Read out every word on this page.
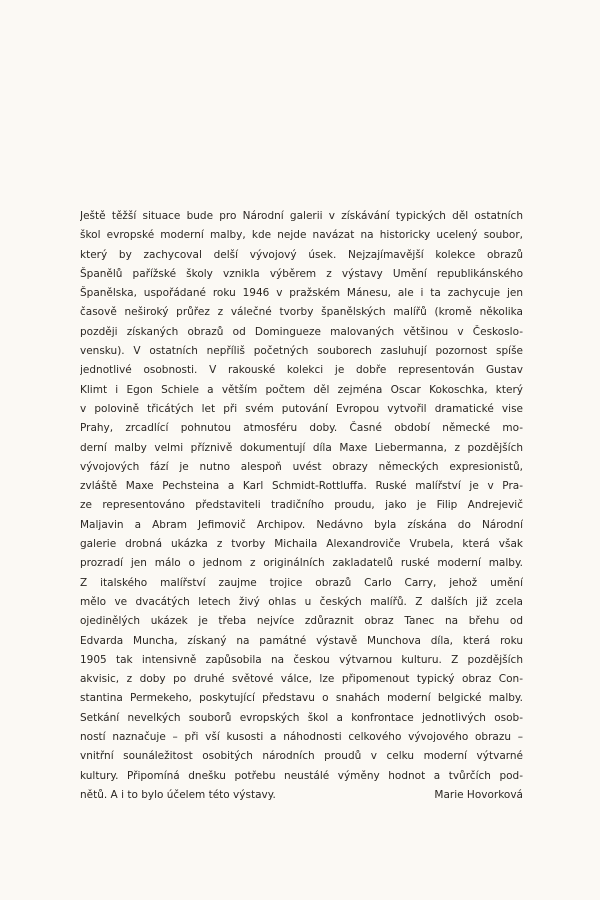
Ještě těžší situace bude pro Národní galerii v získávání typických děl ostatních
škol evropské moderní malby, kde nejde navázat na historicky ucelený soubor,
který by zachycoval delší vývojový úsek. Nejzajímavější kolekce obrazů
Španělů pařížské školy vznikla výběrem z výstavy Umění republikánského
Španělska, uspořádané roku 1946 v pražském Mánesu, ale i ta zachycuje jen
časově neširoký průřez z válečné tvorby španělských malířů (kromě několika
později získaných obrazů od Domingueze malovaných většinou v Českoslo-
vensku). V ostatních nepříliš početných souborech zasluhují pozornost spíše
jednotlivé osobnosti. V rakouské kolekci je dobře representován Gustav
Klimt i Egon Schiele a větším počtem děl zejména Oscar Kokoschka, který
v polovině třicátých let při svém putování Evropou vytvořil dramatické vise
Prahy, zrcadlící pohnutou atmosféru doby. Časné období německé mo-
derní malby velmi příznivě dokumentují díla Maxe Liebermanna, z pozdějších
vývojových fází je nutno alespoň uvést obrazy německých expresionistů,
zvláště Maxe Pechsteina a Karl Schmidt-Rottluffa. Ruské malířství je v Pra-
ze representováno představiteli tradičního proudu, jako je Filip Andrejevič
Maljavin a Abram Jefimovič Archipov. Nedávno byla získána do Národní
galerie drobná ukázka z tvorby Michaila Alexandroviče Vrubela, která však
prozradí jen málo o jednom z originálních zakladatelů ruské moderní malby.
Z italského malířství zaujme trojice obrazů Carlo Carry, jehož umění
mělo ve dvacátých letech živý ohlas u českých malířů. Z dalších již zcela
ojedinělých ukázek je třeba nejvíce zdůraznit obraz Tanec na břehu od
Edvarda Muncha, získaný na památné výstavě Munchova díla, která roku
1905 tak intensivně zapůsobila na českou výtvarnou kulturu. Z pozdějších
akvisic, z doby po druhé světové válce, lze připomenout typický obraz Con-
stantina Permekeho, poskytující představu o snahách moderní belgické malby.
Setkání nevelkých souborů evropských škol a konfrontace jednotlivých osob-
ností naznačuje – při vší kusosti a náhodnosti celkového vývojového obrazu –
vnitřní sounáležitost osobitých národních proudů v celku moderní výtvarné
kultury. Připomíná dnešku potřebu neustálé výměny hodnot a tvůrčích pod-
nětů. A i to bylo účelem této výstavy.	Marie Hovorková
